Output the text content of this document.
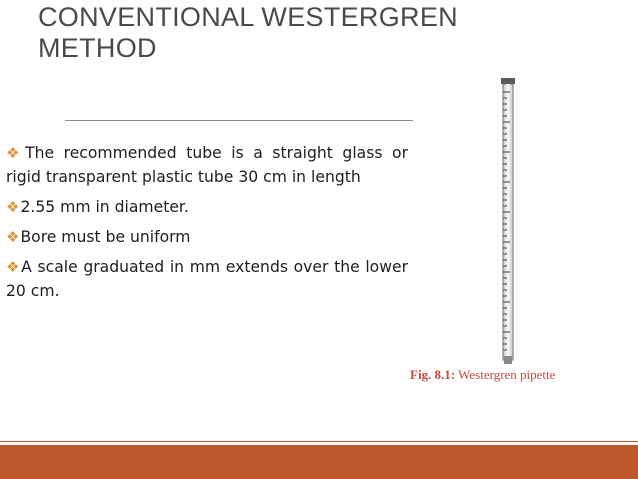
CONVENTIONAL WESTERGREN METHOD
❖The recommended tube is a straight glass or rigid transparent plastic tube 30 cm in length
❖2.55 mm in diameter.
❖Bore must be uniform
❖A scale graduated in mm extends over the lower 20 cm.
Fig. 8.1: Westergren pipette
